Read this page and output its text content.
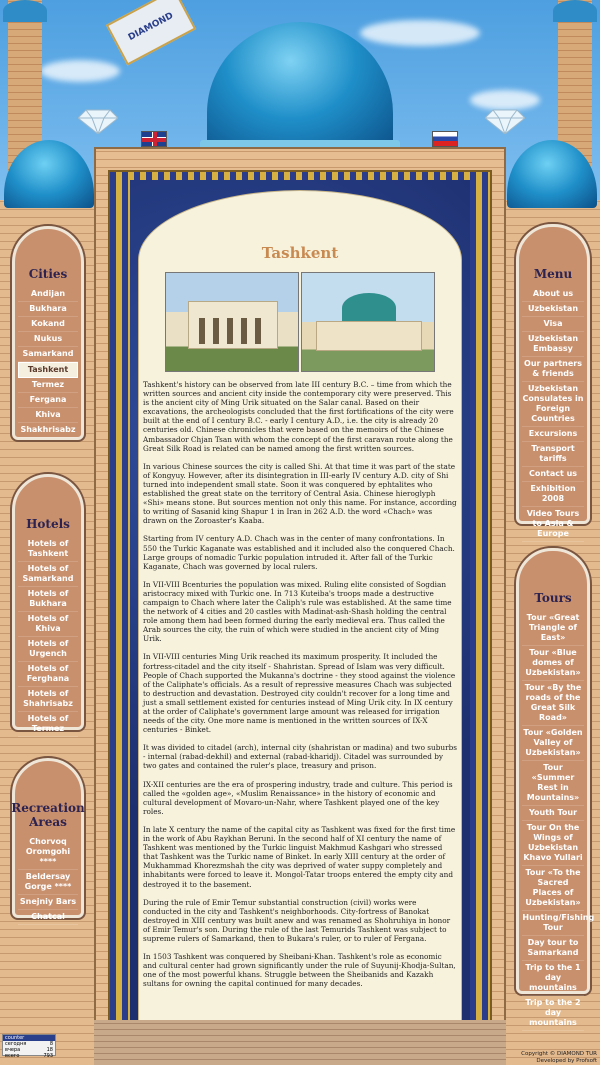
DIAMOND
Cities
Andijan
Bukhara
Kokand
Nukus
Samarkand
Tashkent
Termez
Fergana
Khiva
Shakhrisabz
Hotels
Hotels of Tashkent
Hotels of Samarkand
Hotels of Bukhara
Hotels of Khiva
Hotels of Urgench
Hotels of Ferghana
Hotels of Shahrisabz
Hotels of Termez
Recreation Areas
Chorvoq Oromgohi ****
Beldersay Gorge ****
Snejniy Bars
Chatcal
Menu
About us
Uzbekistan
Visa
Uzbekistan Embassy
Our partners & friends
Uzbekistan Consulates in Foreign Countries
Excursions
Transport tariffs
Contact us
Exhibition 2008
Video Tours to Asia & Europe
Tours
Tour «Great Triangle of East»
Tour «Blue domes of Uzbekistan»
Tour «By the roads of the Great Silk Road»
Tour «Golden Valley of Uzbekistan»
Tour «Summer Rest in Mountains»
Youth Tour
Tour On the Wings of Uzbekistan Khavo Yullari
Tour «To the Sacred Places of Uzbekistan»
Hunting/Fishing Tour
Day tour to Samarkand
Trip to the 1 day mountains
Trip to the 2 day mountains
Tashkent

Tashkent's history can be observed from late III century B.C. – time from which the written sources and ancient city inside the contemporary city were preserved. This is the ancient city of Ming Urik situated on the Salar canal. Based on their excavations, the archeologists concluded that the first fortifications of the city were built at the end of I century B.C. - early I century A.D., i.e. the city is already 20 centuries old. Chinese chronicles that were based on the memoirs of the Chinese Ambassador Chjan Tsan with whom the concept of the first caravan route along the Great Silk Road is related can be named among the first written sources.

In various Chinese sources the city is called Shi. At that time it was part of the state of Kongyuy. However, after its disintegration in III-early IV century A.D. city of Shi turned into independent small state. Soon it was conquered by ephtalites who established the great state on the territory of Central Asia. Chinese hieroglyph «Shi» means stone. But sources mention not only this name. For instance, according to writing of Sasanid king Shapur 1 in Iran in 262 A.D. the word «Chach» was drawn on the Zoroaster's Kaaba.

Starting from IV century A.D. Chach was in the center of many confrontations. In 550 the Turkic Kaganate was established and it included also the conquered Chach. Large groups of nomadic Turkic population intruded it. After fall of the Turkic Kaganate, Chach was governed by local rulers.

In VII-VIII Bcenturies the population was mixed. Ruling elite consisted of Sogdian aristocracy mixed with Turkic one. In 713 Kuteiba's troops made a destructive campaign to Chach where later the Caliph's rule was established. At the same time the network of 4 cities and 20 castles with Madinat-ash-Shash holding the central role among them had been formed during the early medieval era. Thus called the Arab sources the city, the ruin of which were studied in the ancient city of Ming Urik.

In VII-VIII centuries Ming Urik reached its maximum prosperity. It included the fortress-citadel and the city itself - Shahristan. Spread of Islam was very difficult. People of Chach supported the Mukanna's doctrine - they stood against the violence of the Caliphate's officials. As a result of repressive measures Chach was subjected to destruction and devastation. Destroyed city couldn't recover for a long time and just a small settlement existed for centuries instead of Ming Urik city. In IX century at the order of Caliphate's government large amount was released for irrigation needs of the city. One more name is mentioned in the written sources of IX-X centuries - Binket.

It was divided to citadel (arch), internal city (shahristan or madina) and two suburbs - internal (rabad-dekhil) and external (rabad-kharidj). Citadel was surrounded by two gates and contained the ruler's place, treasury and prison.

IX-XII centuries are the era of prospering industry, trade and culture. This period is called the «golden age», «Muslim Renaissance» in the history of economic and cultural development of Movaro-un-Nahr, where Tashkent played one of the key roles.

In late X century the name of the capital city as Tashkent was fixed for the first time in the work of Abu Raykhan Beruni. In the second half of XI century the name of Tashkent was mentioned by the Turkic linguist Makhmud Kashgari who stressed that Tashkent was the Turkic name of Binket. In early XIII century at the order of Mukhammad Khorezmshah the city was deprived of water suppy completely and inhabitants were forced to leave it. Mongol-Tatar troops entered the empty city and destroyed it to the basement.

During the rule of Emir Temur substantial construction (civil) works were conducted in the city and Tashkent's neighborhoods. City-fortress of Banokat destroyed in XIII century was built anew and was renamed as Shohruhiya in honor of Emir Temur's son. During the rule of the last Temurids Tashkent was subject to supreme rulers of Samarkand, then to Bukara's ruler, or to ruler of Fergana.

In 1503 Tashkent was conquered by Sheibani-Khan. Tashkent's role as economic and cultural center had grown significantly under the rule of Suyunij-Khodja-Sultan, one of the most powerful khans. Struggle between the Sheibanids and Kazakh sultans for owning the capital continued for many decades.

counter
сегодня	8
вчера	18
всего	793	Copyright © DIAMOND TUR
Developed by Profsoft
